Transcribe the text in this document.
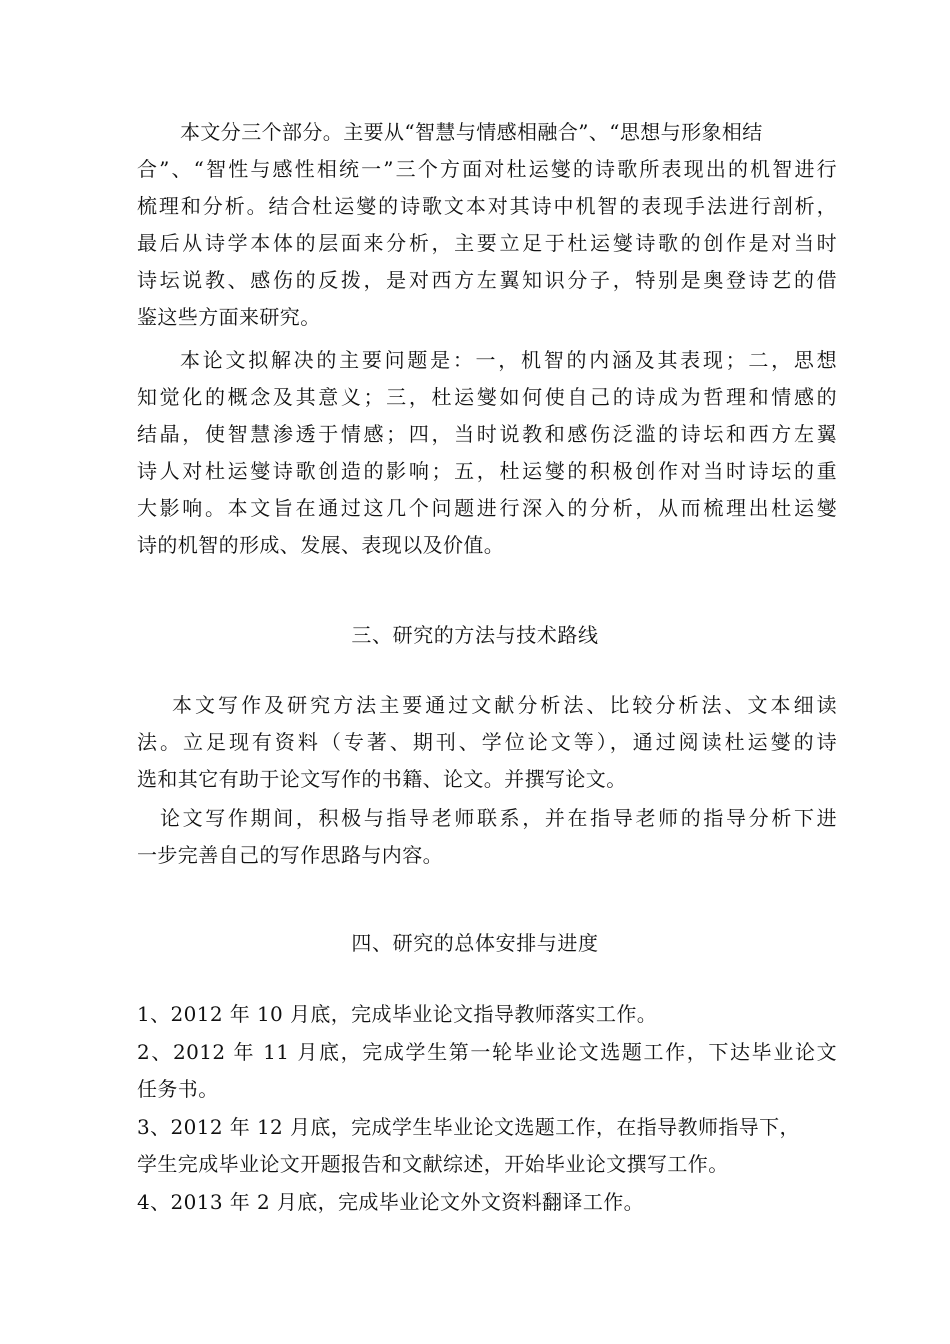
本文分三个部分。主要从“智慧与情感相融合”、“思想与形象相结
合”、“智性与感性相统一”三个方面对杜运燮的诗歌所表现出的机智进行
梳理和分析。结合杜运燮的诗歌文本对其诗中机智的表现手法进行剖析，
最后从诗学本体的层面来分析，主要立足于杜运燮诗歌的创作是对当时
诗坛说教、感伤的反拨，是对西方左翼知识分子，特别是奥登诗艺的借
鉴这些方面来研究。
本论文拟解决的主要问题是：一，机智的内涵及其表现；二，思想
知觉化的概念及其意义；三，杜运燮如何使自己的诗成为哲理和情感的
结晶，使智慧渗透于情感；四，当时说教和感伤泛滥的诗坛和西方左翼
诗人对杜运燮诗歌创造的影响；五，杜运燮的积极创作对当时诗坛的重
大影响。本文旨在通过这几个问题进行深入的分析，从而梳理出杜运燮
诗的机智的形成、发展、表现以及价值。
三、研究的方法与技术路线
本文写作及研究方法主要通过文献分析法、比较分析法、文本细读
法。立足现有资料（专著、期刊、学位论文等），通过阅读杜运燮的诗
选和其它有助于论文写作的书籍、论文。并撰写论文。
论文写作期间，积极与指导老师联系，并在指导老师的指导分析下进
一步完善自己的写作思路与内容。
四、研究的总体安排与进度
1、2012 年 10 月底，完成毕业论文指导教师落实工作。
2、2012 年 11 月底，完成学生第一轮毕业论文选题工作，下达毕业论文
任务书。
3、2012 年 12 月底，完成学生毕业论文选题工作，在指导教师指导下，
学生完成毕业论文开题报告和文献综述，开始毕业论文撰写工作。
4、2013 年 2 月底，完成毕业论文外文资料翻译工作。
